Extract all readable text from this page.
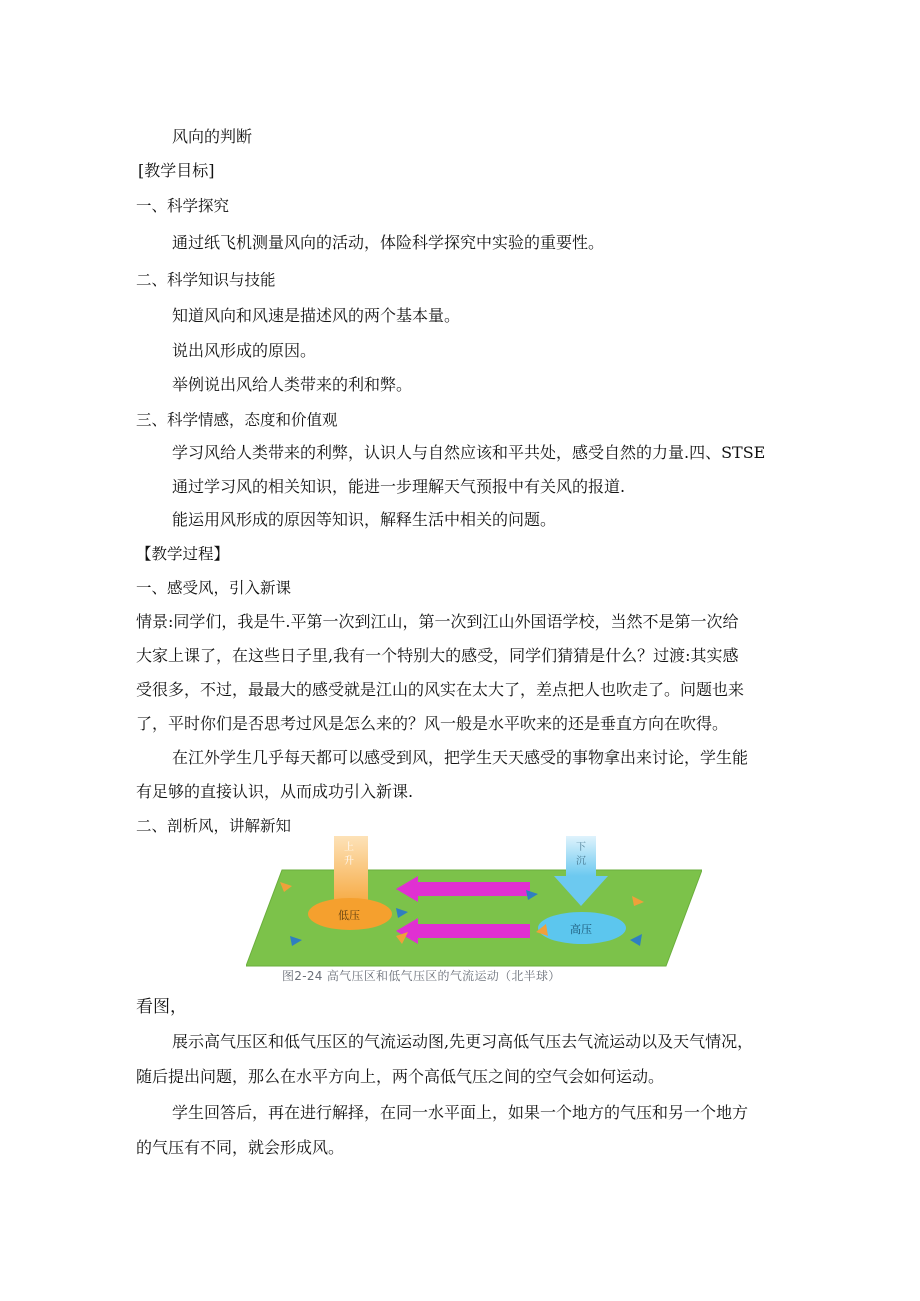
风向的判断
[教学目标]
一、科学探究
通过纸飞机测量风向的活动，体险科学探究中实验的重要性。
二、科学知识与技能
知道风向和风速是描述风的两个基本量。
说出风形成的原因。
举例说出风给人类带来的利和弊。
三、科学情感，态度和价值观
学习风给人类带来的利弊，认识人与自然应该和平共处，感受自然的力量.四、STSE
通过学习风的相关知识，能进一步理解天气预报中有关风的报道.
能运用风形成的原因等知识，解释生活中相关的问题。
【教学过程】
一、感受风，引入新课
情景:同学们，我是牛.平第一次到江山，第一次到江山外国语学校，当然不是第一次给
大家上课了，在这些日子里,我有一个特别大的感受，同学们猜猜是什么？过渡:其实感
受很多，不过，最最大的感受就是江山的风实在太大了，差点把人也吹走了。问题也来
了，平时你们是否思考过风是怎么来的？风一般是水平吹来的还是垂直方向在吹得。
在江外学生几乎每天都可以感受到风，把学生天天感受的事物拿出来讨论，学生能
有足够的直接认识，从而成功引入新课.
二、剖析风，讲解新知
上
升
下
沉
低压
高压
图2-24 高气压区和低气压区的气流运动（北半球）
看图，
展示高气压区和低气压区的气流运动图,先更习高低气压去气流运动以及天气情况，
随后提出问题，那么在水平方向上，两个高低气压之间的空气会如何运动。
学生回答后，再在进行解择，在同一水平面上，如果一个地方的气压和另一个地方
的气压有不同，就会形成风。
